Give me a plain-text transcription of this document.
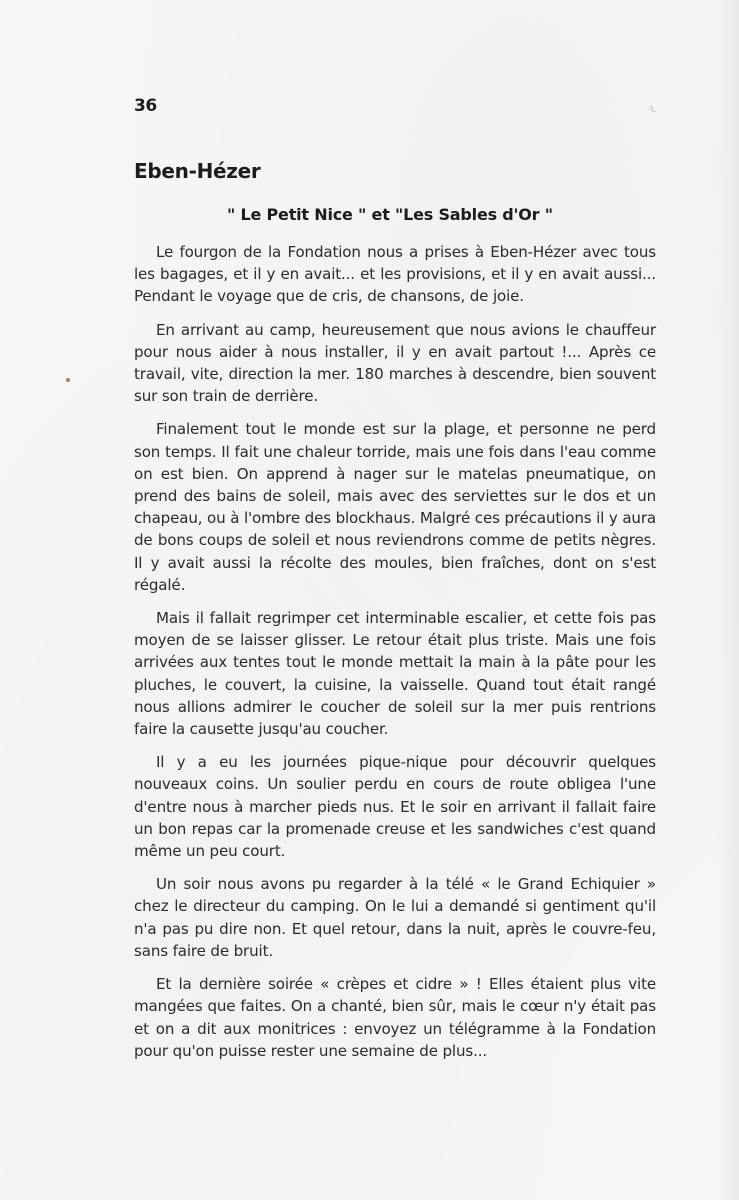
36	·\.
Eben-Hézer
" Le Petit Nice " et "Les Sables d'Or "

Le fourgon de la Fondation nous a prises à Eben-Hézer avec tous les bagages, et il y en avait... et les provisions, et il y en avait aussi... Pendant le voyage que de cris, de chansons, de joie.

En arrivant au camp, heureusement que nous avions le chauffeur pour nous aider à nous installer, il y en avait partout !... Après ce travail, vite, direction la mer. 180 marches à descendre, bien souvent sur son train de derrière.

Finalement tout le monde est sur la plage, et personne ne perd son temps. Il fait une chaleur torride, mais une fois dans l'eau comme on est bien. On apprend à nager sur le matelas pneumatique, on prend des bains de soleil, mais avec des serviettes sur le dos et un chapeau, ou à l'ombre des blockhaus. Malgré ces précautions il y aura de bons coups de soleil et nous reviendrons comme de petits nègres. Il y avait aussi la récolte des moules, bien fraîches, dont on s'est régalé.

Mais il fallait regrimper cet interminable escalier, et cette fois pas moyen de se laisser glisser. Le retour était plus triste. Mais une fois arrivées aux tentes tout le monde mettait la main à la pâte pour les pluches, le couvert, la cuisine, la vaisselle. Quand tout était rangé nous allions admirer le coucher de soleil sur la mer puis rentrions faire la causette jusqu'au coucher.

Il y a eu les journées pique-nique pour découvrir quelques nouveaux coins. Un soulier perdu en cours de route obligea l'une d'entre nous à marcher pieds nus. Et le soir en arrivant il fallait faire un bon repas car la promenade creuse et les sandwiches c'est quand même un peu court.

Un soir nous avons pu regarder à la télé « le Grand Echiquier » chez le directeur du camping. On le lui a demandé si gentiment qu'il n'a pas pu dire non. Et quel retour, dans la nuit, après le couvre-feu, sans faire de bruit.

Et la dernière soirée « crèpes et cidre » ! Elles étaient plus vite mangées que faites. On a chanté, bien sûr, mais le cœur n'y était pas et on a dit aux monitrices : envoyez un télégramme à la Fondation pour qu'on puisse rester une semaine de plus...
